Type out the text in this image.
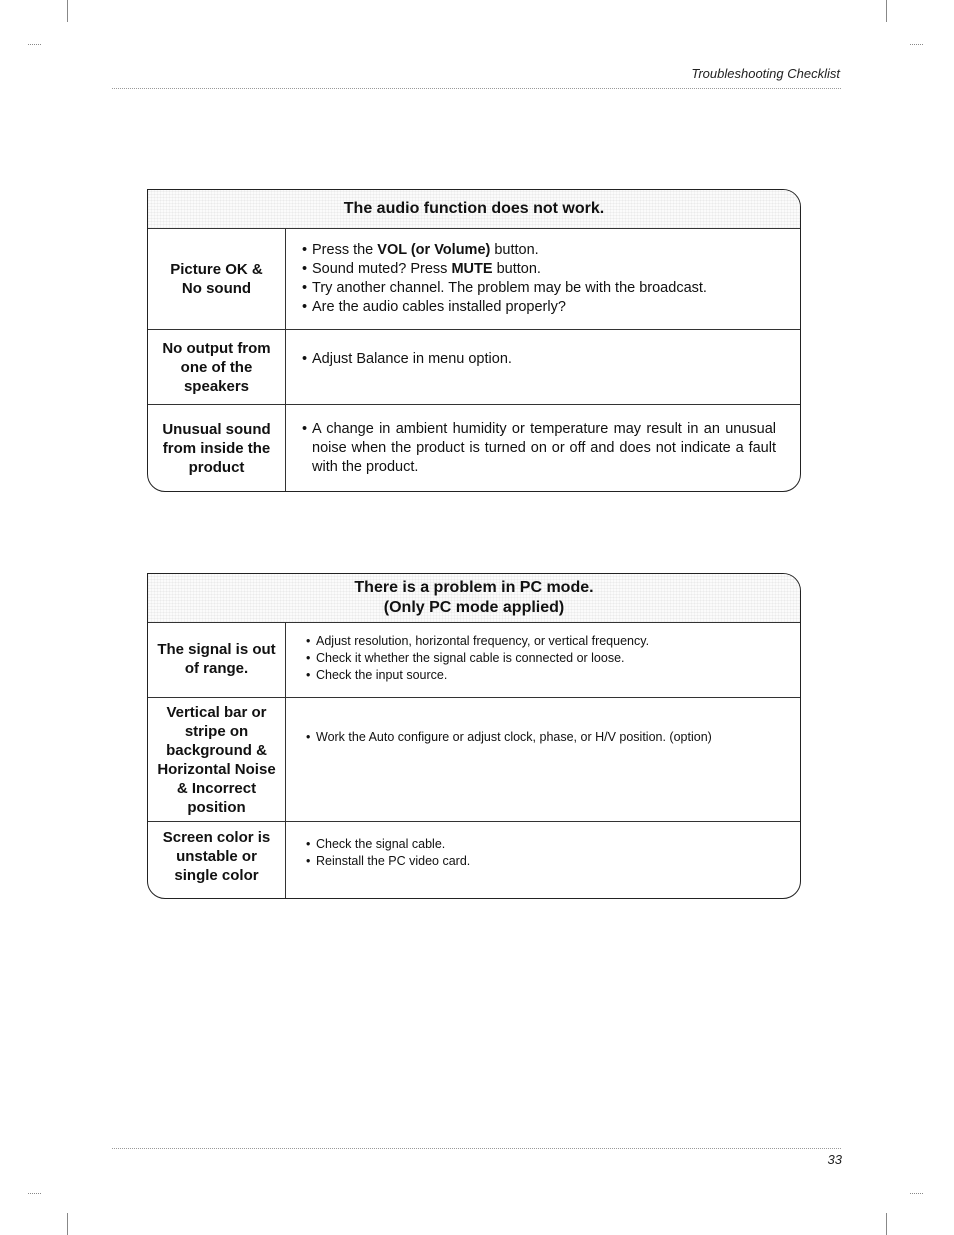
Troubleshooting Checklist
The audio function does not work.
Picture OK &
No sound
• Press the VOL (or Volume) button.
• Sound muted? Press MUTE button.
• Try another channel. The problem may be with the broadcast.
• Are the audio cables installed properly?
No output from
one of the
speakers
• Adjust Balance in menu option.
Unusual sound
from inside the
product
• A change in ambient humidity or temperature may result in an unusual noise when the product is turned on or off and does not indicate a fault with the product.
There is a problem in PC mode.
(Only PC mode applied)
The signal is out
of range.
• Adjust resolution, horizontal frequency, or vertical frequency.
• Check it whether the signal cable is connected or loose.
• Check the input source.
Vertical bar or
stripe on
background &
Horizontal Noise
& Incorrect
position
• Work the Auto configure or adjust clock, phase, or H/V position. (option)
Screen color is
unstable or
single color
• Check the signal cable.
• Reinstall the PC video card.
33
